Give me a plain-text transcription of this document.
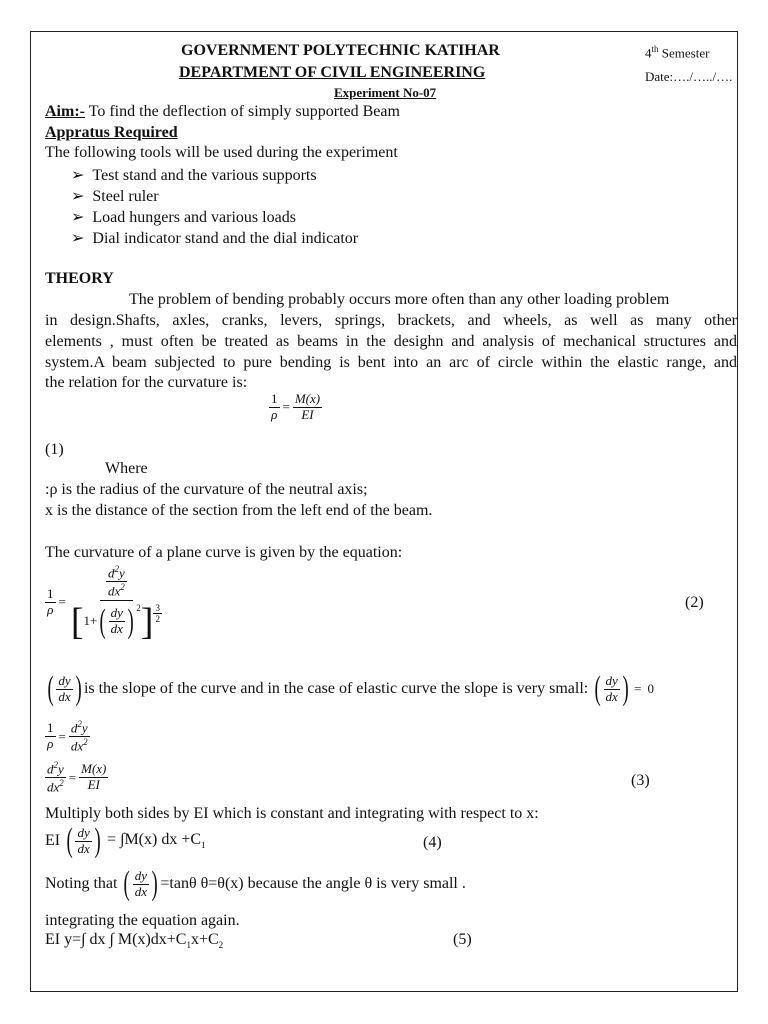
GOVERNMENT POLYTECHNIC KATIHAR
DEPARTMENT OF CIVIL ENGINEERING
Experiment No-07
4th Semester
Date:…./…../….
Aim:- To find the deflection of simply supported Beam
Appratus Required
The following tools will be used during the experiment
➢ Test stand and the various supports
➢ Steel ruler
➢ Load hungers and various loads
➢ Dial indicator stand and the dial indicator
THEORY
The problem of bending probably occurs more often than any other loading problem
in design.Shafts, axles, cranks, levers, springs, brackets, and wheels, as well as many other
elements , must often be treated as beams in the desighn and analysis of mechanical structures and
system.A beam subjected to pure bending is bent into an arc of circle within the elastic range, and
the relation for the curvature is:
$\frac{1}{\rho} = \frac{M(x)}{EI}$
(1)
Where
:ρ is the radius of the curvature of the neutral axis;
x is the distance of the section from the left end of the beam.
The curvature of a plane curve is given by the equation:
$\frac{1}{\rho} = \frac{\frac{d^2y}{dx^2}}{[ 1+ ( \frac{dy}{dx} ) ^2 ] \frac{3}{2}}$	(2)
( $\frac{dy}{dx}$ ) is the slope of the curve and in the case of elastic curve the slope is very small: ( $\frac{dy}{dx}$ ) = 0
$\frac{1}{\rho} = \frac{d^2y}{dx^2}$
$\frac{d^2y}{dx^2} = \frac{M(x)}{EI}$	(3)
Multiply both sides by EI which is constant and integrating with respect to x:
EI ( $\frac{dy}{dx}$ ) = ∫M(x) dx $+C_1$	(4)
Noting that ( $\frac{dy}{dx}$ ) =tanθ θ=θ(x) because the angle θ is very small .
integrating the equation again.
EI y=∫ dx ∫ $M(x)dx+C_1x+C_2$	(5)
